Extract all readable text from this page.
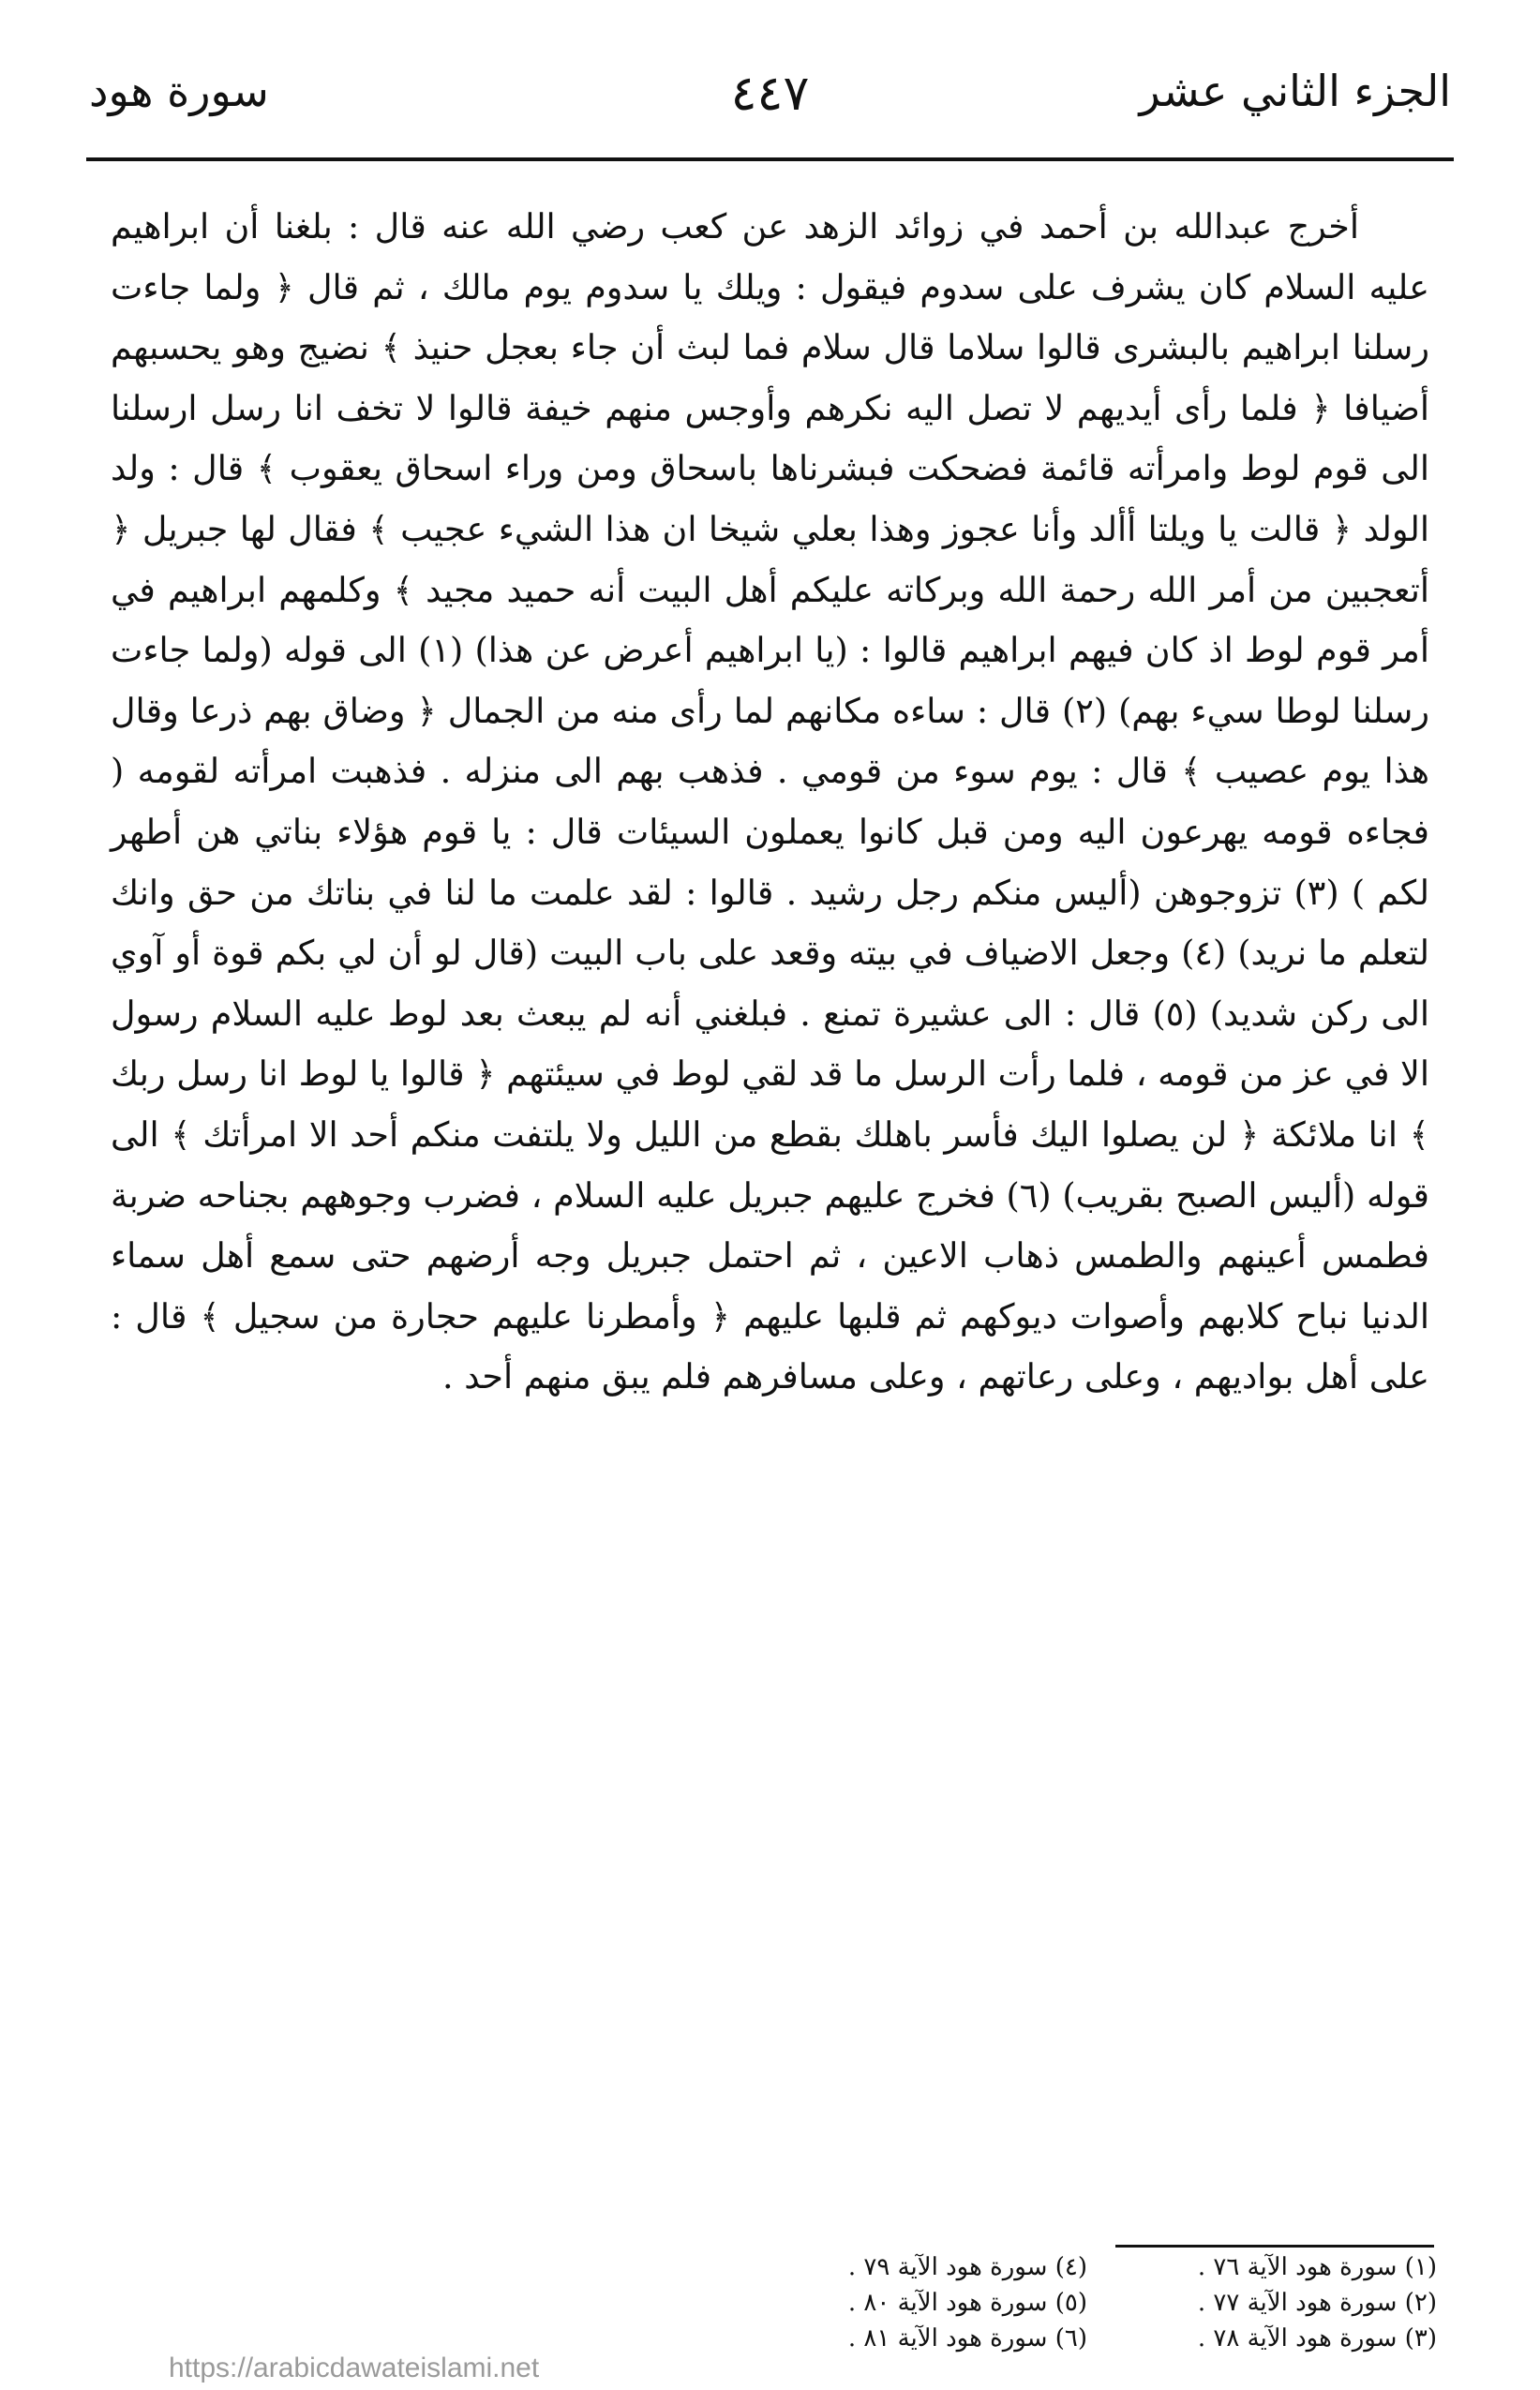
الجزء الثاني عشر
٤٤٧
سورة هود

أخرج عبدالله بن أحمد في زوائد الزهد عن كعب رضي الله عنه قال : بلغنا أن ابراهيم عليه السلام كان يشرف على سدوم فيقول : ويلك يا سدوم يوم مالك ، ثم قال ﴿ ولما جاءت رسلنا ابراهيم بالبشرى قالوا سلاما قال سلام فما لبث أن جاء بعجل حنيذ ﴾ نضيج وهو يحسبهم أضيافا ﴿ فلما رأى أيديهم لا تصل اليه نكرهم وأوجس منهم خيفة قالوا لا تخف انا رسل ارسلنا الى قوم لوط وامرأته قائمة فضحكت فبشرناها باسحاق ومن وراء اسحاق يعقوب ﴾ قال : ولد الولد ﴿ قالت يا ويلتا أألد وأنا عجوز وهذا بعلي شيخا ان هذا الشيء عجيب ﴾ فقال لها جبريل ﴿ أتعجبين من أمر الله رحمة الله وبركاته عليكم أهل البيت أنه حميد مجيد ﴾ وكلمهم ابراهيم في أمر قوم لوط اذ كان فيهم ابراهيم قالوا : (يا ابراهيم أعرض عن هذا) (١) الى قوله (ولما جاءت رسلنا لوطا سيء بهم) (٢) قال : ساءه مكانهم لما رأى منه من الجمال ﴿ وضاق بهم ذرعا وقال هذا يوم عصيب ﴾ قال : يوم سوء من قومي . فذهب بهم الى منزله . فذهبت امرأته لقومه ( فجاءه قومه يهرعون اليه ومن قبل كانوا يعملون السيئات قال : يا قوم هؤلاء بناتي هن أطهر لكم ) (٣) تزوجوهن (أليس منكم رجل رشيد . قالوا : لقد علمت ما لنا في بناتك من حق وانك لتعلم ما نريد) (٤) وجعل الاضياف في بيته وقعد على باب البيت (قال لو أن لي بكم قوة أو آوي الى ركن شديد) (٥) قال : الى عشيرة تمنع . فبلغني أنه لم يبعث بعد لوط عليه السلام رسول الا في عز من قومه ، فلما رأت الرسل ما قد لقي لوط في سيئتهم ﴿ قالوا يا لوط انا رسل ربك ﴾ انا ملائكة ﴿ لن يصلوا اليك فأسر باهلك بقطع من الليل ولا يلتفت منكم أحد الا امرأتك ﴾ الى قوله (أليس الصبح بقريب) (٦) فخرج عليهم جبريل عليه السلام ، فضرب وجوههم بجناحه ضربة فطمس أعينهم والطمس ذهاب الاعين ، ثم احتمل جبريل وجه أرضهم حتى سمع أهل سماء الدنيا نباح كلابهم وأصوات ديوكهم ثم قلبها عليهم ﴿ وأمطرنا عليهم حجارة من سجيل ﴾ قال : على أهل بواديهم ، وعلى رعاتهم ، وعلى مسافرهم فلم يبق منهم أحد .

(١) سورة هود الآية ٧٦ .
(٢) سورة هود الآية ٧٧ .
(٣) سورة هود الآية ٧٨ .
(٤) سورة هود الآية ٧٩ .
(٥) سورة هود الآية ٨٠ .
(٦) سورة هود الآية ٨١ .
https://arabicdawateislami.net
